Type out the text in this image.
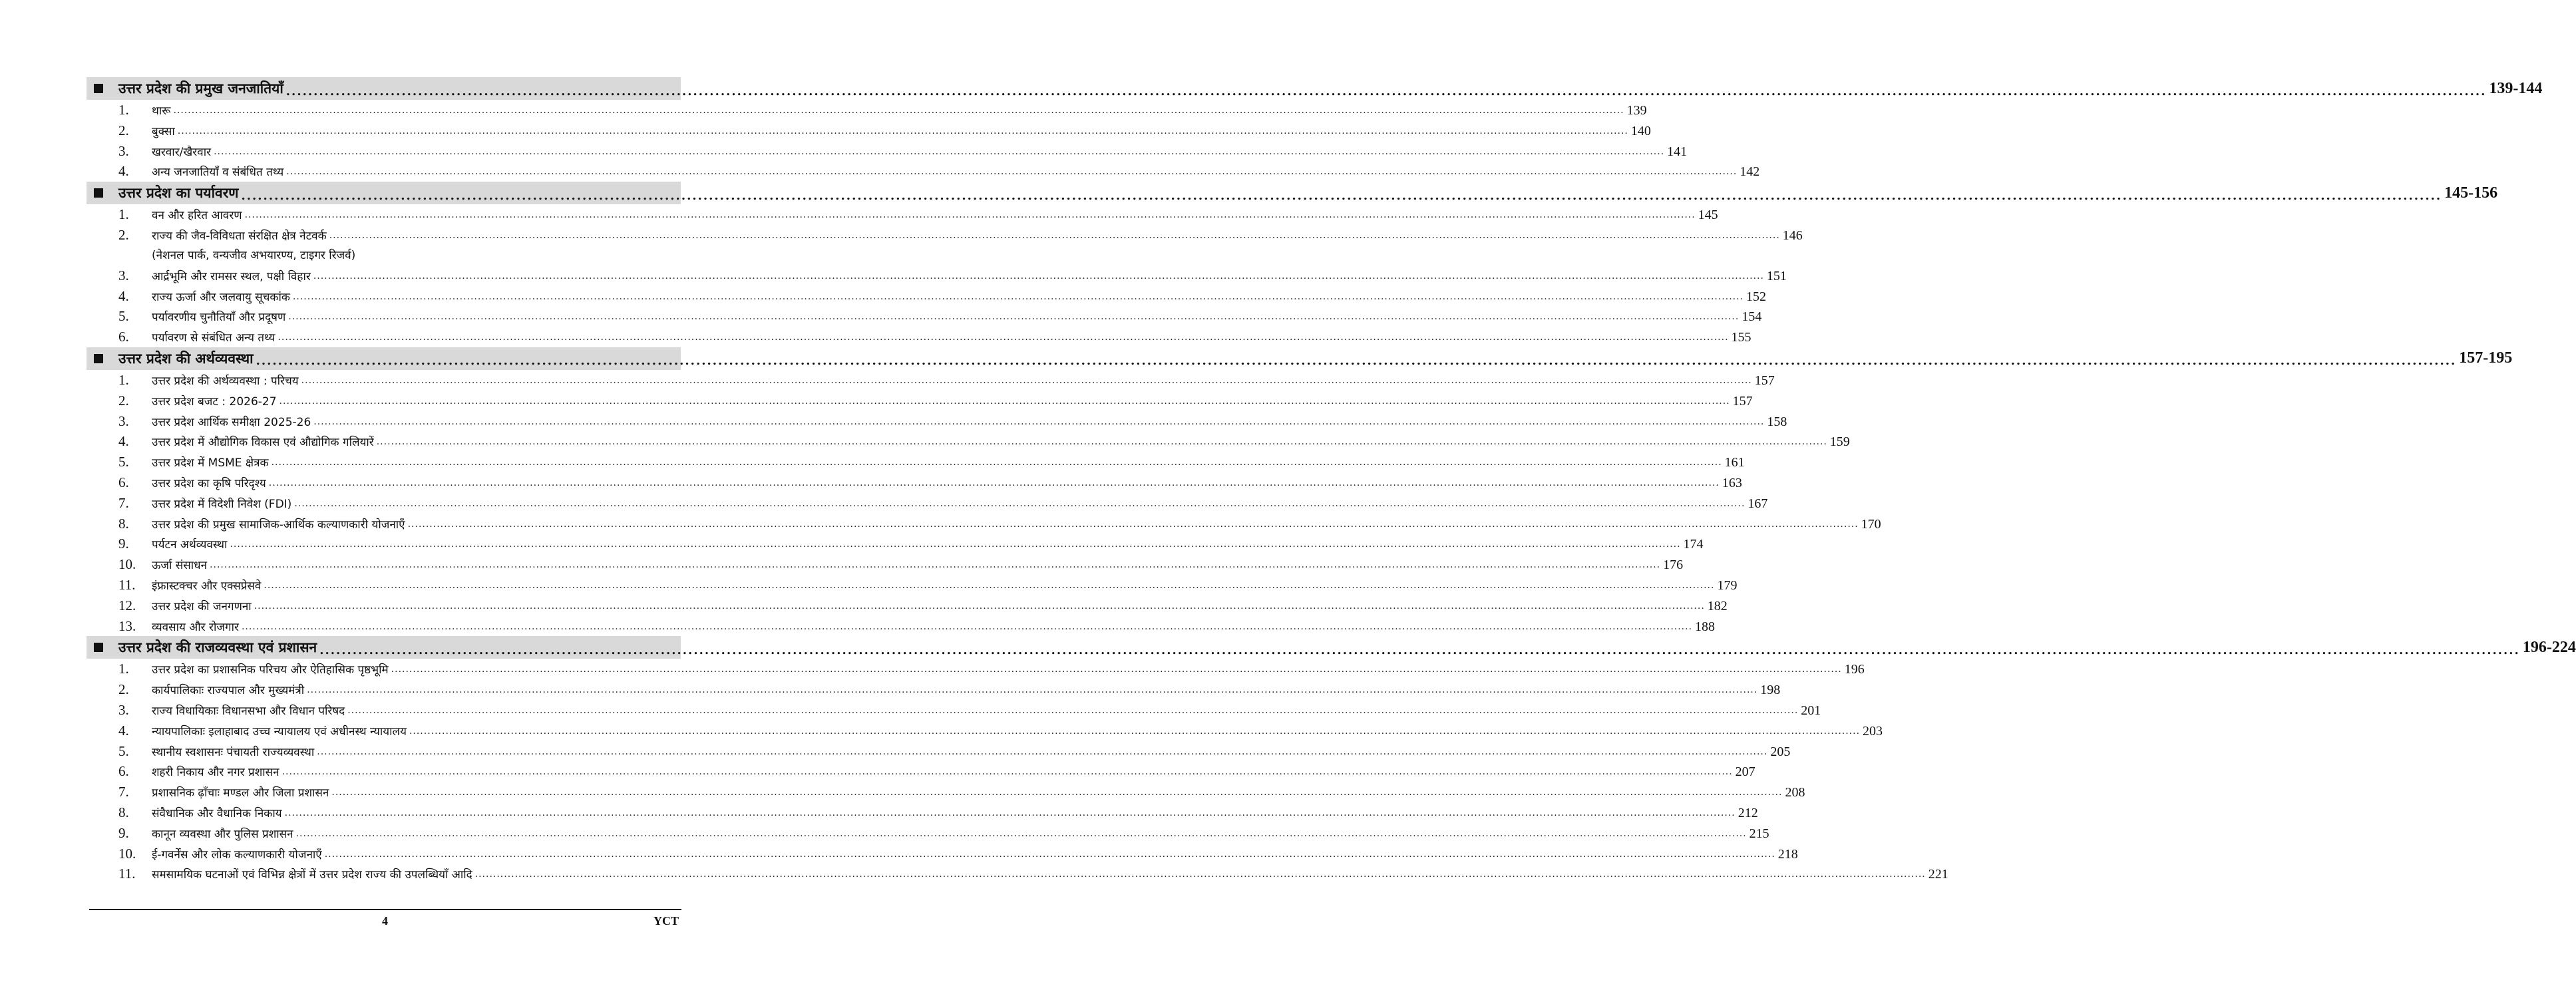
उत्तर प्रदेश की प्रमुख जनजातियाँ ................................................................................................................................................................................................................................................................................................................................................................................................................ 139-144
1.	थारू ................................................................................................................................................................................................................................................................................................................................................................................................................ 139
2.	बुक्सा ................................................................................................................................................................................................................................................................................................................................................................................................................ 140
3.	खरवार/खैरवार ................................................................................................................................................................................................................................................................................................................................................................................................................ 141
4.	अन्य जनजातियाँ व संबंधित तथ्य ................................................................................................................................................................................................................................................................................................................................................................................................................ 142
उत्तर प्रदेश का पर्यावरण ................................................................................................................................................................................................................................................................................................................................................................................................................ 145-156
1.	वन और हरित आवरण ................................................................................................................................................................................................................................................................................................................................................................................................................ 145
2.	राज्य की जैव-विविधता संरक्षित क्षेत्र नेटवर्क ................................................................................................................................................................................................................................................................................................................................................................................................................ 146
(नेशनल पार्क, वन्यजीव अभयारण्य, टाइगर रिजर्व)
3.	आर्द्रभूमि और रामसर स्थल, पक्षी विहार ................................................................................................................................................................................................................................................................................................................................................................................................................ 151
4.	राज्य ऊर्जा और जलवायु सूचकांक ................................................................................................................................................................................................................................................................................................................................................................................................................ 152
5.	पर्यावरणीय चुनौतियाँ और प्रदूषण ................................................................................................................................................................................................................................................................................................................................................................................................................ 154
6.	पर्यावरण से संबंधित अन्य तथ्य ................................................................................................................................................................................................................................................................................................................................................................................................................ 155
उत्तर प्रदेश की अर्थव्यवस्था ................................................................................................................................................................................................................................................................................................................................................................................................................ 157-195
1.	उत्तर प्रदेश की अर्थव्यवस्था : परिचय ................................................................................................................................................................................................................................................................................................................................................................................................................ 157
2.	उत्तर प्रदेश बजट : 2026-27 ................................................................................................................................................................................................................................................................................................................................................................................................................ 157
3.	उत्तर प्रदेश आर्थिक समीक्षा 2025-26 ................................................................................................................................................................................................................................................................................................................................................................................................................ 158
4.	उत्तर प्रदेश में औद्योगिक विकास एवं औद्योगिक गलियारें ................................................................................................................................................................................................................................................................................................................................................................................................................ 159
5.	उत्तर प्रदेश में MSME क्षेत्रक ................................................................................................................................................................................................................................................................................................................................................................................................................ 161
6.	उत्तर प्रदेश का कृषि परिदृश्य ................................................................................................................................................................................................................................................................................................................................................................................................................ 163
7.	उत्तर प्रदेश में विदेशी निवेश (FDI) ................................................................................................................................................................................................................................................................................................................................................................................................................ 167
8.	उत्तर प्रदेश की प्रमुख सामाजिक-आर्थिक कल्याणकारी योजनाएँ ................................................................................................................................................................................................................................................................................................................................................................................................................ 170
9.	पर्यटन अर्थव्यवस्था ................................................................................................................................................................................................................................................................................................................................................................................................................ 174
10.	ऊर्जा संसाधन ................................................................................................................................................................................................................................................................................................................................................................................................................ 176
11.	इंफ्रास्टक्चर और एक्सप्रेसवे ................................................................................................................................................................................................................................................................................................................................................................................................................ 179
12.	उत्तर प्रदेश की जनगणना ................................................................................................................................................................................................................................................................................................................................................................................................................ 182
13.	व्यवसाय और रोजगार ................................................................................................................................................................................................................................................................................................................................................................................................................ 188
उत्तर प्रदेश की राजव्यवस्था एवं प्रशासन ................................................................................................................................................................................................................................................................................................................................................................................................................ 196-224
1.	उत्तर प्रदेश का प्रशासनिक परिचय और ऐतिहासिक पृष्ठभूमि ................................................................................................................................................................................................................................................................................................................................................................................................................ 196
2.	कार्यपालिकाः राज्यपाल और मुख्यमंत्री ................................................................................................................................................................................................................................................................................................................................................................................................................ 198
3.	राज्य विधायिकाः विधानसभा और विधान परिषद ................................................................................................................................................................................................................................................................................................................................................................................................................ 201
4.	न्यायपालिकाः इलाहाबाद उच्च न्यायालय एवं अधीनस्थ न्यायालय ................................................................................................................................................................................................................................................................................................................................................................................................................ 203
5.	स्थानीय स्वशासनः पंचायती राज्यव्यवस्था ................................................................................................................................................................................................................................................................................................................................................................................................................ 205
6.	शहरी निकाय और नगर प्रशासन ................................................................................................................................................................................................................................................................................................................................................................................................................ 207
7.	प्रशासनिक ढ़ाँचाः मण्डल और जिला प्रशासन ................................................................................................................................................................................................................................................................................................................................................................................................................ 208
8.	संवैधानिक और वैधानिक निकाय ................................................................................................................................................................................................................................................................................................................................................................................................................ 212
9.	कानून व्यवस्था और पुलिस प्रशासन ................................................................................................................................................................................................................................................................................................................................................................................................................ 215
10.	ई-गवर्नेंस और लोक कल्याणकारी योजनाएँ ................................................................................................................................................................................................................................................................................................................................................................................................................ 218
11.	समसामयिक घटनाओं एवं विभिन्न क्षेत्रों में उत्तर प्रदेश राज्य की उपलब्धियाँ आदि ................................................................................................................................................................................................................................................................................................................................................................................................................ 221
4	YCT
